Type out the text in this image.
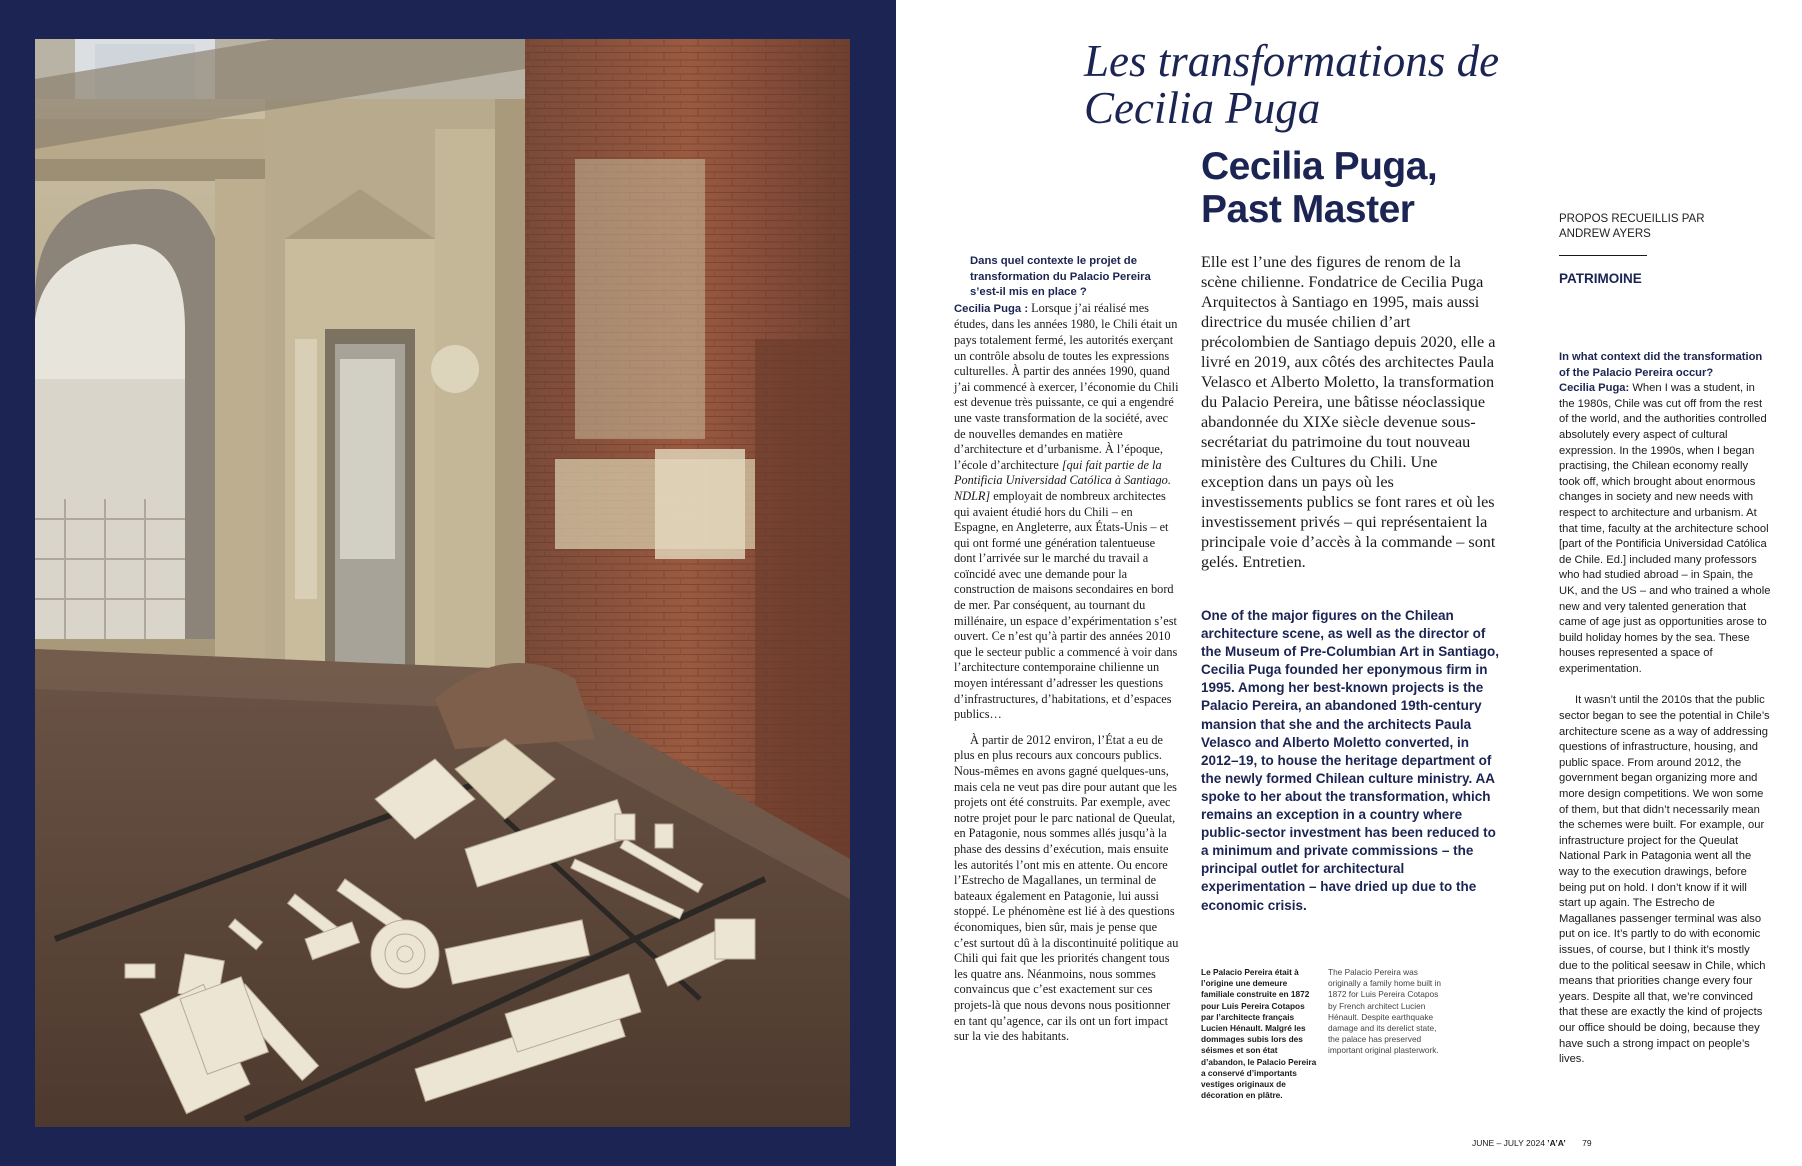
Les transformations de Cecilia Puga
Cecilia Puga, Past Master	PROPOS RECUEILLIS PAR ANDREW AYERS
PATRIMOINE

Dans quel contexte le projet de transformation du Palacio Pereira s’est-il mis en place ?
Cecilia Puga : Lorsque j’ai réalisé mes études, dans les années 1980, le Chili était un pays totalement fermé, les autorités exerçant un contrôle absolu de toutes les expressions culturelles. À partir des années 1990, quand j’ai commencé à exercer, l’économie du Chili est devenue très puissante, ce qui a engendré une vaste transformation de la société, avec de nouvelles demandes en matière d’architecture et d’urbanisme. À l’époque, l’école d’architecture [qui fait partie de la Pontificia Universidad Católica à Santiago. NDLR] employait de nombreux architectes qui avaient étudié hors du Chili – en Espagne, en Angleterre, aux États-Unis – et qui ont formé une génération talentueuse dont l’arrivée sur le marché du travail a coïncidé avec une demande pour la construction de maisons secondaires en bord de mer. Par conséquent, au tournant du millénaire, un espace d’expérimentation s’est ouvert. Ce n’est qu’à partir des années 2010 que le secteur public a commencé à voir dans l’architecture contemporaine chilienne un moyen intéressant d’adresser les questions d’infrastructures, d’habitations, et d’espaces publics…

À partir de 2012 environ, l’État a eu de plus en plus recours aux concours publics. Nous-mêmes en avons gagné quelques-uns, mais cela ne veut pas dire pour autant que les projets ont été construits. Par exemple, avec notre projet pour le parc national de Queulat, en Patagonie, nous sommes allés jusqu’à la phase des dessins d’exécution, mais ensuite les autorités l’ont mis en attente. Ou encore l’Estrecho de Magallanes, un terminal de bateaux également en Patagonie, lui aussi stoppé. Le phénomène est lié à des questions économiques, bien sûr, mais je pense que c’est surtout dû à la discontinuité politique au Chili qui fait que les priorités changent tous les quatre ans. Néanmoins, nous sommes convaincus que c’est exactement sur ces projets-là que nous devons nous positionner en tant qu’agence, car ils ont un fort impact sur la vie des habitants.

Elle est l’une des figures de renom de la scène chilienne. Fondatrice de Cecilia Puga Arquitectos à Santiago en 1995, mais aussi directrice du musée chilien d’art précolombien de Santiago depuis 2020, elle a livré en 2019, aux côtés des architectes Paula Velasco et Alberto Moletto, la transformation du Palacio Pereira, une bâtisse néoclassique abandonnée du XIXe siècle devenue sous-secrétariat du patrimoine du tout nouveau ministère des Cultures du Chili. Une exception dans un pays où les investissements publics se font rares et où les investissement privés – qui représentaient la principale voie d’accès à la commande – sont gelés. Entretien.

One of the major figures on the Chilean architecture scene, as well as the director of the Museum of Pre-Columbian Art in Santiago, Cecilia Puga founded her eponymous firm in 1995. Among her best-known projects is the Palacio Pereira, an abandoned 19th-century mansion that she and the architects Paula Velasco and Alberto Moletto converted, in 2012–19, to house the heritage department of the newly formed Chilean culture ministry. AA spoke to her about the transformation, which remains an exception in a country where public-sector investment has been reduced to a minimum and private commissions – the principal outlet for architectural experimentation – have dried up due to the economic crisis.

Le Palacio Pereira était à l’origine une demeure familiale construite en 1872 pour Luis Pereira Cotapos par l’architecte français Lucien Hénault. Malgré les dommages subis lors des séismes et son état d’abandon, le Palacio Pereira a conservé d’importants vestiges originaux de décoration en plâtre.

The Palacio Pereira was originally a family home built in 1872 for Luis Pereira Cotapos by French architect Lucien Hénault. Despite earthquake damage and its derelict state, the palace has preserved important original plasterwork.

In what context did the transformation of the Palacio Pereira occur?
Cecilia Puga: When I was a student, in the 1980s, Chile was cut off from the rest of the world, and the authorities controlled absolutely every aspect of cultural expression. In the 1990s, when I began practising, the Chilean economy really took off, which brought about enormous changes in society and new needs with respect to architecture and urbanism. At that time, faculty at the architecture school [part of the Pontificia Universidad Católica de Chile. Ed.] included many professors who had studied abroad – in Spain, the UK, and the US – and who trained a whole new and very talented generation that came of age just as opportunities arose to build holiday homes by the sea. These houses represented a space of experimentation.

It wasn’t until the 2010s that the public sector began to see the potential in Chile’s architecture scene as a way of addressing questions of infrastructure, housing, and public space. From around 2012, the government began organizing more and more design competitions. We won some of them, but that didn’t necessarily mean the schemes were built. For example, our infrastructure project for the Queulat National Park in Patagonia went all the way to the execution drawings, before being put on hold. I don’t know if it will start up again. The Estrecho de Magallanes passenger terminal was also put on ice. It’s partly to do with economic issues, of course, but I think it’s mostly due to the political seesaw in Chile, which means that priorities change every four years. Despite all that, we’re convinced that these are exactly the kind of projects our office should be doing, because they have such a strong impact on people’s lives.

JUNE – JULY 2024 ’A’A’ 79
